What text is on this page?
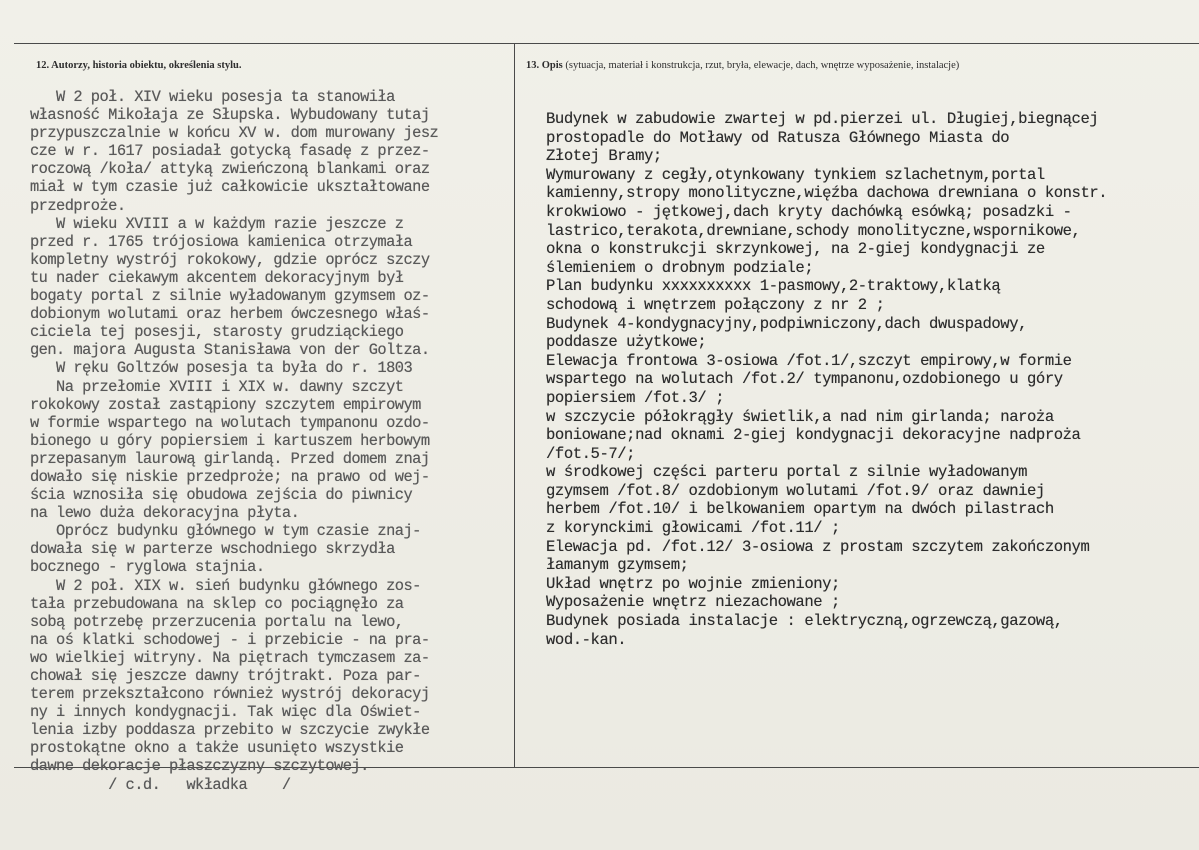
12. Autorzy, historia obiektu, określenia stylu.	13. Opis (sytuacja, materiał i konstrukcja, rzut, bryła, elewacje, dach, wnętrze wyposażenie, instalacje)
W 2 poł. XIV wieku posesja ta stanowiła
własność Mikołaja ze Słupska. Wybudowany tutaj
przypuszczalnie w końcu XV w. dom murowany jesz
cze w r. 1617 posiadał gotycką fasadę z przez-
roczową /koła/ attyką zwieńczoną blankami oraz
miał w tym czasie już całkowicie ukształtowane
przedproże.
W wieku XVIII a w każdym razie jeszcze z
przed r. 1765 trójosiowa kamienica otrzymała
kompletny wystrój rokokowy, gdzie oprócz szczy
tu nader ciekawym akcentem dekoracyjnym był
bogaty portal z silnie wyładowanym gzymsem oz-
dobionym wolutami oraz herbem ówczesnego właś-
ciciela tej posesji, starosty grudziąckiego
gen. majora Augusta Stanisława von der Goltza.
W ręku Goltzów posesja ta była do r. 1803
Na przełomie XVIII i XIX w. dawny szczyt
rokokowy został zastąpiony szczytem empirowym
w formie wspartego na wolutach tympanonu ozdo-
bionego u góry popiersiem i kartuszem herbowym
przepasanym laurową girlandą. Przed domem znaj
dowało się niskie przedproże; na prawo od wej-
ścia wznosiła się obudowa zejścia do piwnicy
na lewo duża dekoracyjna płyta.
Oprócz budynku głównego w tym czasie znaj-
dowała się w parterze wschodniego skrzydła
bocznego - ryglowa stajnia.
W 2 poł. XIX w. sień budynku głównego zos-
tała przebudowana na sklep co pociągnęło za
sobą potrzebę przerzucenia portalu na lewo,
na oś klatki schodowej - i przebicie - na pra-
wo wielkiej witryny. Na piętrach tymczasem za-
chował się jeszcze dawny trójtrakt. Poza par-
terem przekształcono również wystrój dekoracyj
ny i innych kondygnacji. Tak więc dla Oświet-
lenia izby poddasza przebito w szczycie zwykłe
prostokątne okno a także usunięto wszystkie
dawne dekoracje płaszczyzny szczytowej.
/ c.d.   wkładka    /
Budynek w zabudowie zwartej w pd.pierzei ul. Długiej,biegnącej
prostopadle do Motławy od Ratusza Głównego Miasta do
Złotej Bramy;
Wymurowany z cegły,otynkowany tynkiem szlachetnym,portal
kamienny,stropy monolityczne,więźba dachowa drewniana o konstr.
krokwiowo - jętkowej,dach kryty dachówką esówką; posadzki -
lastrico,terakota,drewniane,schody monolityczne,wspornikowe,
okna o konstrukcji skrzynkowej, na 2-giej kondygnacji ze
ślemieniem o drobnym podziale;
Plan budynku xxxxxxxxxx 1-pasmowy,2-traktowy,klatką
schodową i wnętrzem połączony z nr 2 ;
Budynek 4-kondygnacyjny,podpiwniczony,dach dwuspadowy,
poddasze użytkowe;
Elewacja frontowa 3-osiowa /fot.1/,szczyt empirowy,w formie
wspartego na wolutach /fot.2/ tympanonu,ozdobionego u góry
popiersiem /fot.3/ ;
w szczycie półokrągły świetlik,a nad nim girlanda; naroża
boniowane;nad oknami 2-giej kondygnacji dekoracyjne nadproża
/fot.5-7/;
w środkowej części parteru portal z silnie wyładowanym
gzymsem /fot.8/ ozdobionym wolutami /fot.9/ oraz dawniej
herbem /fot.10/ i belkowaniem opartym na dwóch pilastrach
z korynckimi głowicami /fot.11/ ;
Elewacja pd. /fot.12/ 3-osiowa z prostam szczytem zakończonym
łamanym gzymsem;
Układ wnętrz po wojnie zmieniony;
Wyposażenie wnętrz niezachowane ;
Budynek posiada instalacje : elektryczną,ogrzewczą,gazową,
wod.-kan.
